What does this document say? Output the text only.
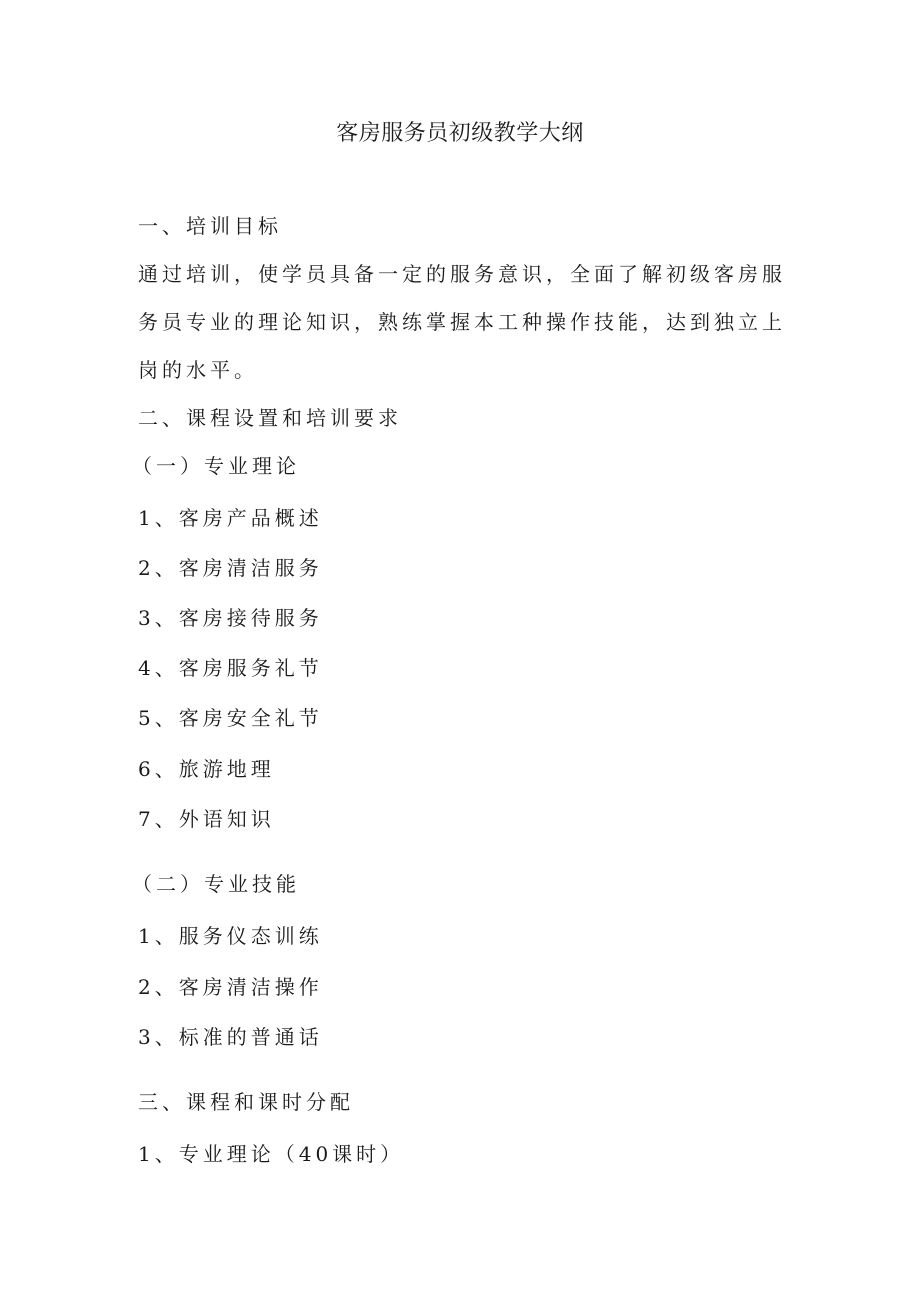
客房服务员初级教学大纲
一、培训目标
通过培训，使学员具备一定的服务意识，全面了解初级客房服
务员专业的理论知识，熟练掌握本工种操作技能，达到独立上
岗的水平。
二、课程设置和培训要求
（一）专业理论
1、客房产品概述
2、客房清洁服务
3、客房接待服务
4、客房服务礼节
5、客房安全礼节
6、旅游地理
7、外语知识
（二）专业技能
1、服务仪态训练
2、客房清洁操作
3、标准的普通话
三、课程和课时分配
1、专业理论（40课时）
